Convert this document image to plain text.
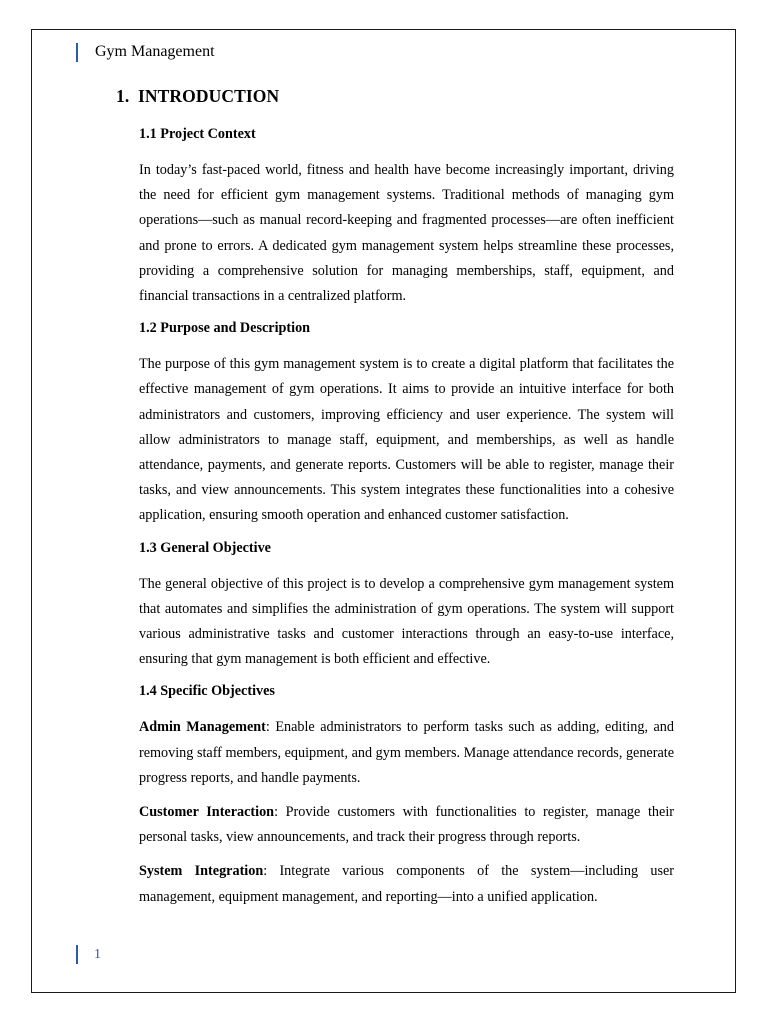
Gym Management
1. INTRODUCTION
1.1 Project Context

In today’s fast-paced world, fitness and health have become increasingly important, driving the need for efficient gym management systems. Traditional methods of managing gym operations—such as manual record-keeping and fragmented processes—are often inefficient and prone to errors. A dedicated gym management system helps streamline these processes, providing a comprehensive solution for managing memberships, staff, equipment, and financial transactions in a centralized platform.

1.2 Purpose and Description

The purpose of this gym management system is to create a digital platform that facilitates the effective management of gym operations. It aims to provide an intuitive interface for both administrators and customers, improving efficiency and user experience. The system will allow administrators to manage staff, equipment, and memberships, as well as handle attendance, payments, and generate reports. Customers will be able to register, manage their tasks, and view announcements. This system integrates these functionalities into a cohesive application, ensuring smooth operation and enhanced customer satisfaction.

1.3 General Objective

The general objective of this project is to develop a comprehensive gym management system that automates and simplifies the administration of gym operations. The system will support various administrative tasks and customer interactions through an easy-to-use interface, ensuring that gym management is both efficient and effective.

1.4 Specific Objectives

Admin Management: Enable administrators to perform tasks such as adding, editing, and removing staff members, equipment, and gym members. Manage attendance records, generate progress reports, and handle payments.

Customer Interaction: Provide customers with functionalities to register, manage their personal tasks, view announcements, and track their progress through reports.

System Integration: Integrate various components of the system—including user management, equipment management, and reporting—into a unified application.

1
